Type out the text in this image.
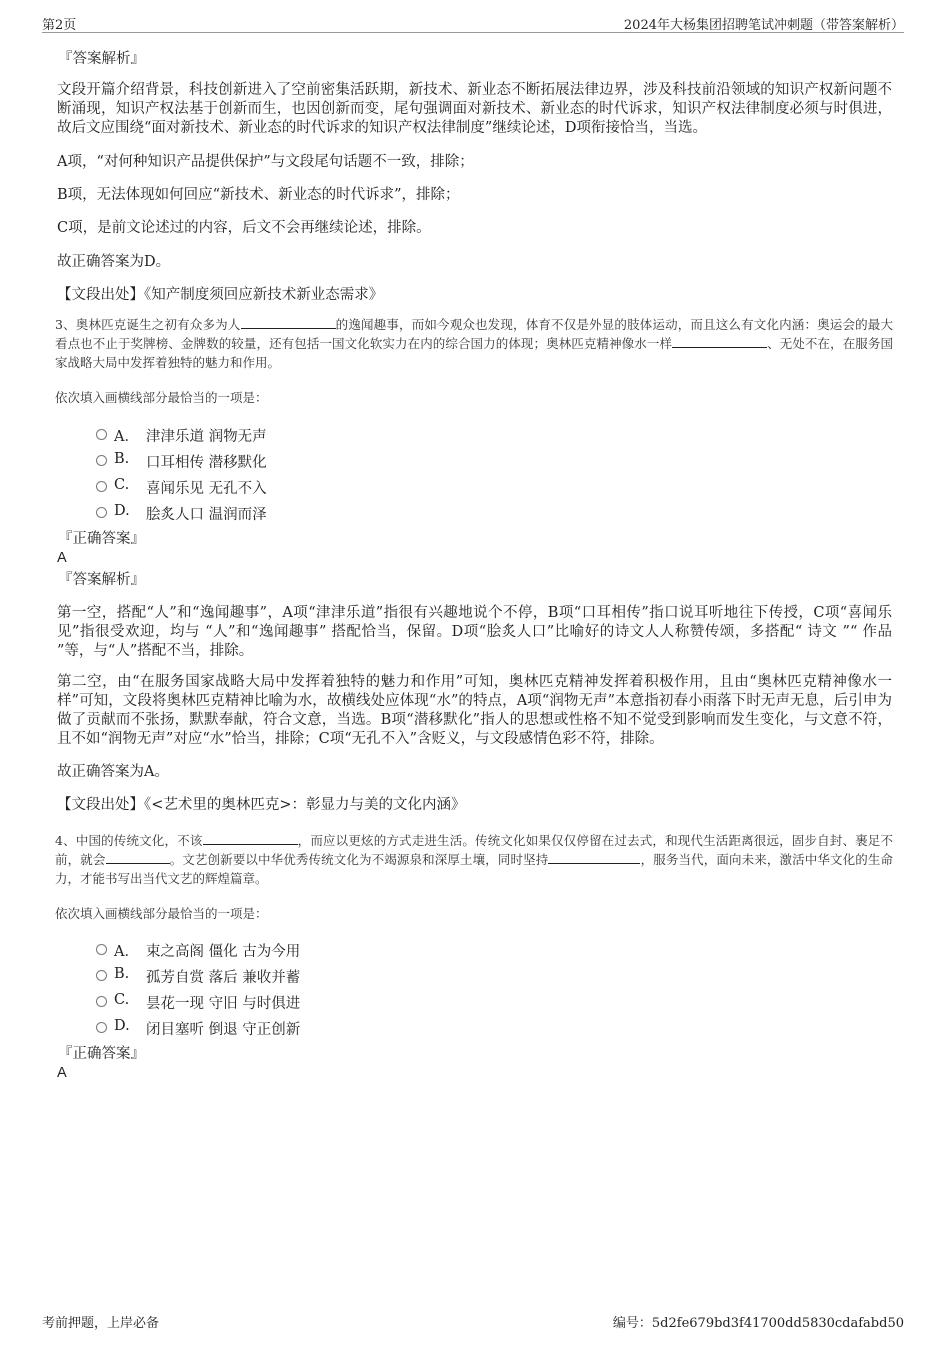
第2页	2024年大杨集团招聘笔试冲刺题（带答案解析）
『答案解析』
文段开篇介绍背景，科技创新进入了空前密集活跃期，新技术、新业态不断拓展法律边界，涉及科技前沿领域的知识产权新问题不断涌现，知识产权法基于创新而生，也因创新而变，尾句强调面对新技术、新业态的时代诉求，知识产权法律制度必须与时俱进，故后文应围绕“面对新技术、新业态的时代诉求的知识产权法律制度”继续论述，D项衔接恰当，当选。
A项，“对何种知识产品提供保护”与文段尾句话题不一致，排除；
B项，无法体现如何回应“新技术、新业态的时代诉求”，排除；
C项，是前文论述过的内容，后文不会再继续论述，排除。
故正确答案为D。
【文段出处】《知产制度须回应新技术新业态需求》
3、奥林匹克诞生之初有众多为人	的逸闻趣事，而如今观众也发现，体育不仅是外显的肢体运动，而且这么有文化内涵：奥运会的最大看点也不止于奖牌榜、金牌数的较量，还有包括一国文化软实力在内的综合国力的体现；奥林匹克精神像水一样	、无处不在，在服务国家战略大局中发挥着独特的魅力和作用。
依次填入画横线部分最恰当的一项是：
A． 津津乐道 润物无声
B. 口耳相传 潜移默化
C. 喜闻乐见 无孔不入
D. 脍炙人口 温润而泽
『正确答案』
A
『答案解析』
第一空，搭配“人”和“逸闻趣事”，A项“津津乐道”指很有兴趣地说个不停，B项“口耳相传”指口说耳听地往下传授，C项“喜闻乐见”指很受欢迎，均与 “人”和“逸闻趣事” 搭配恰当，保留。D项“脍炙人口”比喻好的诗文人人称赞传颂，多搭配“ 诗文 ”“ 作品 ”等，与“人”搭配不当，排除。
第二空，由“在服务国家战略大局中发挥着独特的魅力和作用”可知，奥林匹克精神发挥着积极作用，且由“奥林匹克精神像水一样”可知，文段将奥林匹克精神比喻为水，故横线处应体现“水”的特点，A项“润物无声”本意指初春小雨落下时无声无息，后引申为做了贡献而不张扬，默默奉献，符合文意，当选。B项“潜移默化”指人的思想或性格不知不觉受到影响而发生变化，与文意不符，且不如“润物无声”对应“水”恰当，排除；C项“无孔不入”含贬义，与文段感情色彩不符，排除。
故正确答案为A。
【文段出处】《<艺术里的奥林匹克>：彰显力与美的文化内涵》
4、中国的传统文化，不该	，而应以更炫的方式走进生活。传统文化如果仅仅停留在过去式，和现代生活距离很远，固步自封、裹足不前，就会	。文艺创新要以中华优秀传统文化为不竭源泉和深厚土壤，同时坚持	，服务当代，面向未来，激活中华文化的生命力，才能书写出当代文艺的辉煌篇章。
依次填入画横线部分最恰当的一项是：
A． 束之高阁 僵化 古为今用
B. 孤芳自赏 落后 兼收并蓄
C. 昙花一现 守旧 与时俱进
D. 闭目塞听 倒退 守正创新
『正确答案』
A
考前押题，上岸必备	编号：5d2fe679bd3f41700dd5830cdafabd50
